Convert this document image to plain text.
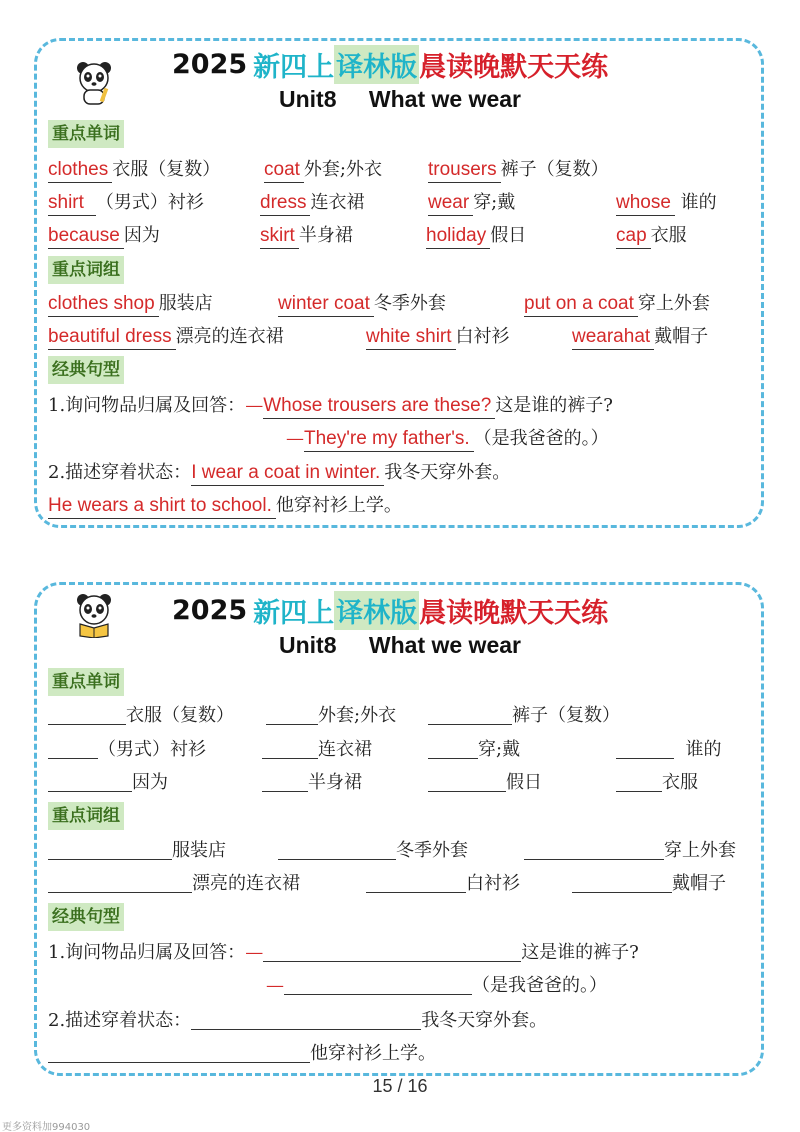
2025 新四上 译林版 晨读晚默天天练
Unit8 What we wear
重点单词
clothes 衣服（复数） coat 外套;外衣 trousers 裤子（复数）
shirt （男式）衬衫	dress 连衣裙	wear 穿;戴	whose 谁的
because 因为	skirt 半身裙	holiday 假日	cap 衣服
重点词组
clothes shop 服装店	winter coat 冬季外套	put on a coat 穿上外套
beautiful dress 漂亮的连衣裙	white shirt 白衬衫	wearahat 戴帽子
经典句型
1.询问物品归属及回答：—Whose trousers are these? 这是谁的裤子?
—They're my father's. （是我爸爸的。）
2.描述穿着状态：I wear a coat in winter. 我冬天穿外套。
He wears a shirt to school. 他穿衬衫上学。
2025 新四上 译林版 晨读晚默天天练
Unit8 What we wear
重点单词
衣服（复数）	外套;外衣	裤子（复数）
（男式）衬衫	连衣裙	穿;戴	谁的
因为	半身裙	假日	衣服
重点词组
服装店	冬季外套	穿上外套
漂亮的连衣裙	白衬衫	戴帽子
经典句型
1.询问物品归属及回答：—	这是谁的裤子?
—	（是我爸爸的。）
2.描述穿着状态：	我冬天穿外套。
他穿衬衫上学。
15 / 16
更多资料加994030
